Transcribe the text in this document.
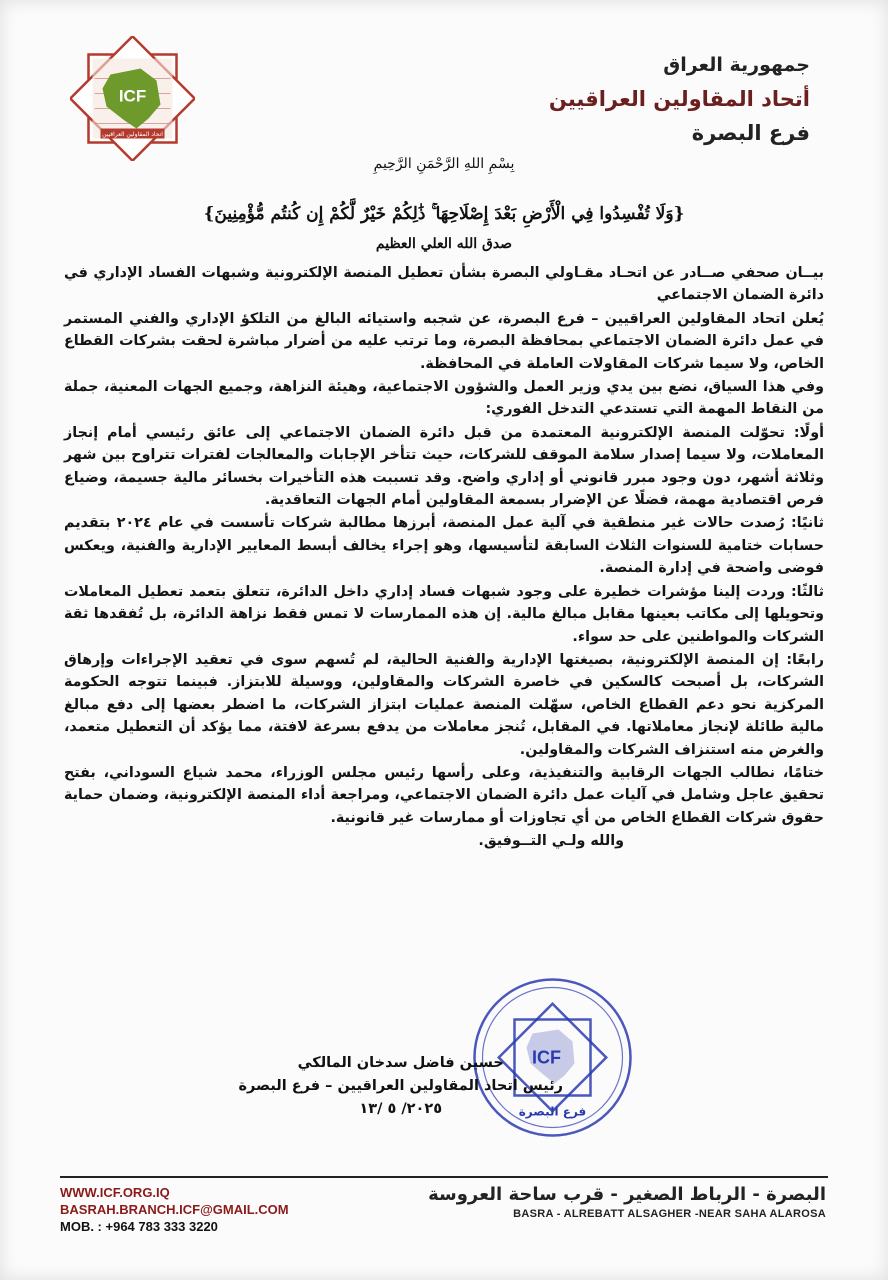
ICF
اتحاد المقاولين العراقيين
جمهورية العراق
أتحاد المقاولين العراقيين
فرع البصرة
بِسْمِ اللهِ الرَّحْمَنِ الرَّحِيمِ
{وَلَا تُفْسِدُوا فِي الْأَرْضِ بَعْدَ إِصْلَاحِهَا ۚ ذَٰلِكُمْ خَيْرٌ لَّكُمْ إِن كُنتُم مُّؤْمِنِينَ}
صدق الله العلي العظيم

بيــان صحفي صــادر عن اتحـاد مقـاولي البصرة بشأن تعطيل المنصة الإلكترونية وشبهات الفساد الإداري في دائرة الضمان الاجتماعي

يُعلن اتحاد المقاولين العراقيين – فرع البصرة، عن شجبه واستيائه البالغ من التلكؤ الإداري والفني المستمر في عمل دائرة الضمان الاجتماعي بمحافظة البصرة، وما ترتب عليه من أضرار مباشرة لحقت بشركات القطاع الخاص، ولا سيما شركات المقاولات العاملة في المحافظة.

وفي هذا السياق، نضع بين يدي وزير العمل والشؤون الاجتماعية، وهيئة النزاهة، وجميع الجهات المعنية، جملة من النقاط المهمة التي تستدعي التدخل الفوري:

أولًا: تحوّلت المنصة الإلكترونية المعتمدة من قبل دائرة الضمان الاجتماعي إلى عائق رئيسي أمام إنجاز المعاملات، ولا سيما إصدار سلامة الموقف للشركات، حيث تتأخر الإجابات والمعالجات لفترات تتراوح بين شهر وثلاثة أشهر، دون وجود مبرر قانوني أو إداري واضح. وقد تسببت هذه التأخيرات بخسائر مالية جسيمة، وضياع فرص اقتصادية مهمة، فضلًا عن الإضرار بسمعة المقاولين أمام الجهات التعاقدية.

ثانيًا: رُصدت حالات غير منطقية في آلية عمل المنصة، أبرزها مطالبة شركات تأسست في عام ٢٠٢٤ بتقديم حسابات ختامية للسنوات الثلاث السابقة لتأسيسها، وهو إجراء يخالف أبسط المعايير الإدارية والفنية، ويعكس فوضى واضحة في إدارة المنصة.

ثالثًا: وردت إلينا مؤشرات خطيرة على وجود شبهات فساد إداري داخل الدائرة، تتعلق بتعمد تعطيل المعاملات وتحويلها إلى مكاتب بعينها مقابل مبالغ مالية. إن هذه الممارسات لا تمس فقط نزاهة الدائرة، بل تُفقدها ثقة الشركات والمواطنين على حد سواء.

رابعًا: إن المنصة الإلكترونية، بصيغتها الإدارية والفنية الحالية، لم تُسهم سوى في تعقيد الإجراءات وإرهاق الشركات، بل أصبحت كالسكين في خاصرة الشركات والمقاولين، ووسيلة للابتزاز. فبينما تتوجه الحكومة المركزية نحو دعم القطاع الخاص، سهّلت المنصة عمليات ابتزاز الشركات، ما اضطر بعضها إلى دفع مبالغ مالية طائلة لإنجاز معاملاتها. في المقابل، تُنجز معاملات من يدفع بسرعة لافتة، مما يؤكد أن التعطيل متعمد، والغرض منه استنزاف الشركات والمقاولين.

ختامًا، نطالب الجهات الرقابية والتنفيذية، وعلى رأسها رئيس مجلس الوزراء، محمد شياع السوداني، بفتح تحقيق عاجل وشامل في آليات عمل دائرة الضمان الاجتماعي، ومراجعة أداء المنصة الإلكترونية، وضمان حماية حقوق شركات القطاع الخاص من أي تجاوزات أو ممارسات غير قانونية.

والله ولـي التــوفيق.

ICF
فرع البصرة
حسين فاضل سدخان المالكي
رئيس اتحاد المقاولين العراقيين – فرع البصرة
٢٠٢٥/ ٥ /١٣
WWW.ICF.ORG.IQ
BASRAH.BRANCH.ICF@GMAIL.COM
MOB. : +964 783 333 3220
البصرة - الرباط الصغير - قرب ساحة العروسة
BASRA - ALREBATT ALSAGHER -NEAR SAHA ALAROSA
